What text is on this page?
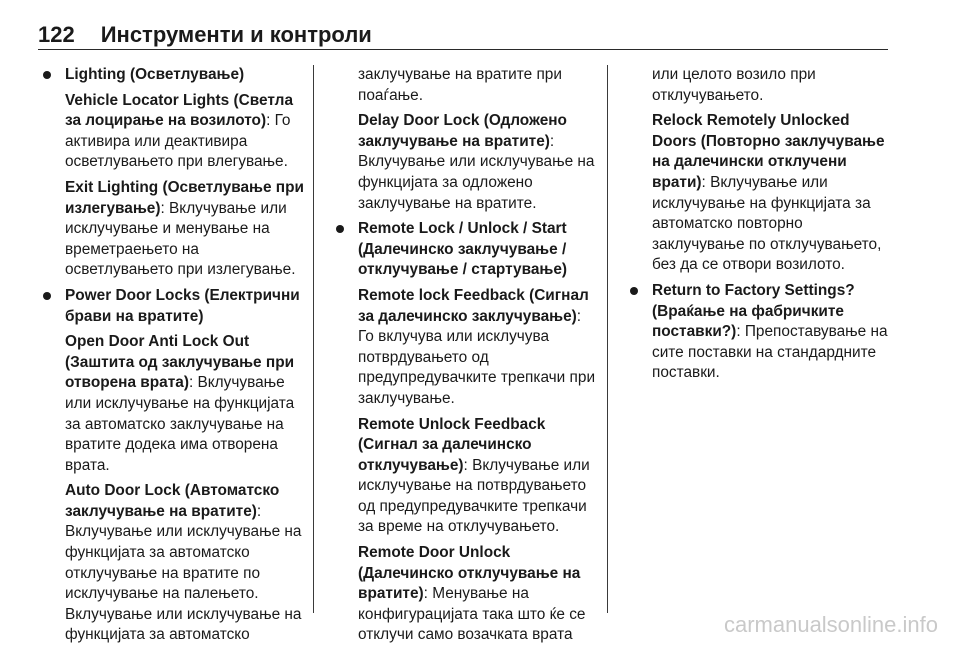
122 Инструменти и контроли
Lighting (Осветлување)
Vehicle Locator Lights (Светла за лоцирање на возилото): Го активира или деактивира осветлувањето при влегување.
Exit Lighting (Осветлување при излегување): Вклучување или исклучување и менување на времетраењето на осветлувањето при излегување.
Power Door Locks (Електрични брави на вратите)
Open Door Anti Lock Out (Заштита од заклучување при отворена врата): Вклучување или исклучување на функцијата за автоматско заклучување на вратите додека има отворена врата.
Auto Door Lock (Автоматско заклучување на вратите): Вклучување или исклучување на функцијата за автоматско отклучување на вратите по исклучување на палењето. Вклучување или исклучување на функцијата за автоматско
заклучување на вратите при поаѓање.
Delay Door Lock (Одложено заклучување на вратите): Вклучување или исклучување на функцијата за одложено заклучување на вратите.
Remote Lock / Unlock / Start (Далечинско заклучување / отклучување / стартување)
Remote lock Feedback (Сигнал за далечинско заклучување): Го вклучува или исклучува потврдувањето од предупредувачките трепкачи при заклучување.
Remote Unlock Feedback (Сигнал за далечинско отклучување): Вклучување или исклучување на потврдувањето од предупредувачките трепкачи за време на отклучувањето.
Remote Door Unlock (Далечинско отклучување на вратите): Менување на конфигурацијата така што ќе се отклучи само возачката врата
или целото возило при отклучувањето.
Relock Remotely Unlocked Doors (Повторно заклучување на далечински отклучени врати): Вклучување или исклучување на функцијата за автоматско повторно заклучување по отклучувањето, без да се отвори возилото.
Return to Factory Settings? (Враќање на фабричките поставки?): Препоставување на сите поставки на стандардните поставки.
carmanualsonline.info
